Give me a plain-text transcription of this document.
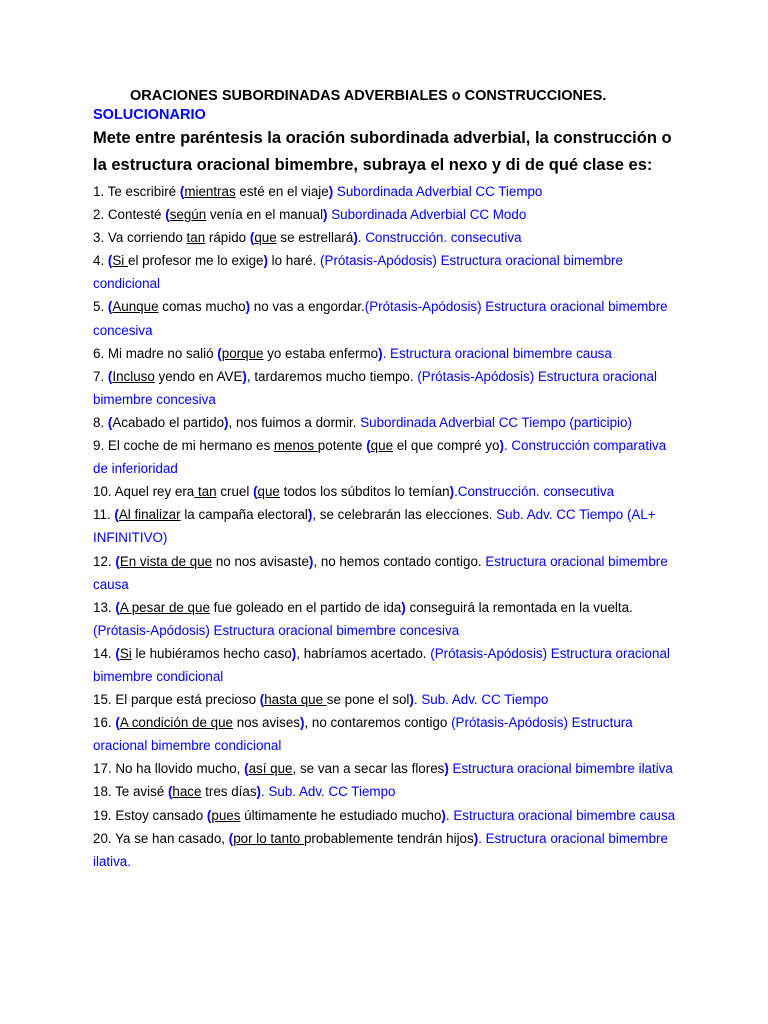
ORACIONES SUBORDINADAS ADVERBIALES o CONSTRUCCIONES.
SOLUCIONARIO
Mete entre paréntesis la oración subordinada adverbial, la construcción o la estructura oracional bimembre, subraya el nexo y di de qué clase es:

1. Te escribiré (mientras esté en el viaje) Subordinada Adverbial CC Tiempo

2. Contesté (según venía en el manual) Subordinada Adverbial CC Modo

3. Va corriendo tan rápido (que se estrellará). Construcción. consecutiva

4. (Si el profesor me lo exige) lo haré. (Prótasis-Apódosis) Estructura oracional bimembre condicional

5. (Aunque comas mucho) no vas a engordar.(Prótasis-Apódosis) Estructura oracional bimembre concesiva

6. Mi madre no salió (porque yo estaba enfermo). Estructura oracional bimembre causa

7. (Incluso yendo en AVE), tardaremos mucho tiempo. (Prótasis-Apódosis) Estructura oracional bimembre concesiva

8. (Acabado el partido), nos fuimos a dormir. Subordinada Adverbial CC Tiempo (participio)

9. El coche de mi hermano es menos potente (que el que compré yo). Construcción comparativa de inferioridad

10. Aquel rey era tan cruel (que todos los súbditos lo temían).Construcción. consecutiva

11. (Al finalizar la campaña electoral), se celebrarán las elecciones. Sub. Adv. CC Tiempo (AL+ INFINITIVO)

12. (En vista de que no nos avisaste), no hemos contado contigo. Estructura oracional bimembre causa

13. (A pesar de que fue goleado en el partido de ida) conseguirá la remontada en la vuelta. (Prótasis-Apódosis) Estructura oracional bimembre concesiva

14. (Si le hubiéramos hecho caso), habríamos acertado. (Prótasis-Apódosis) Estructura oracional bimembre condicional

15. El parque está precioso (hasta que se pone el sol). Sub. Adv. CC Tiempo

16. (A condición de que nos avises), no contaremos contigo (Prótasis-Apódosis) Estructura oracional bimembre condicional

17. No ha llovido mucho, (así que, se van a secar las flores) Estructura oracional bimembre ilativa

18. Te avisé (hace tres días). Sub. Adv. CC Tiempo

19. Estoy cansado (pues últimamente he estudiado mucho). Estructura oracional bimembre causa

20. Ya se han casado, (por lo tanto probablemente tendrán hijos). Estructura oracional bimembre ilativa.
